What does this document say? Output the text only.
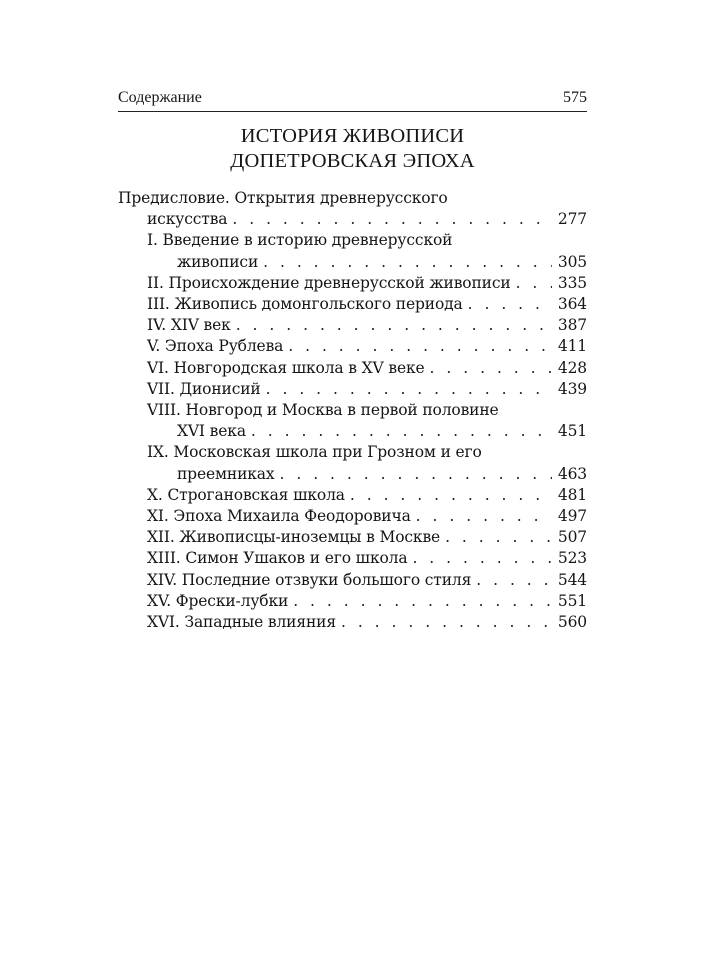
Содержание	575
ИСТОРИЯ ЖИВОПИСИ
ДОПЕТРОВСКАЯ ЭПОХА
Предисловие. Открытия древнерусского
искусства . . .	277
I. Введение в историю древнерусской
живописи . . .	305
II. Происхождение древнерусской живописи . . .	335
III. Живопись домонгольского периода . . .	364
IV. XIV век . . .	387
V. Эпоха Рублева . . .	411
VI. Новгородская школа в XV веке . . .	428
VII. Дионисий . . .	439
VIII. Новгород и Москва в первой половине
XVI века . . .	451
IX. Московская школа при Грозном и его
преемниках . . .	463
X. Строгановская школа . . .	481
XI. Эпоха Михаила Феодоровича . . .	497
XII. Живописцы-иноземцы в Москве . . .	507
XIII. Симон Ушаков и его школа . . .	523
XIV. Последние отзвуки большого стиля . . .	544
XV. Фрески-лубки . . .	551
XVI. Западные влияния . . .	560
